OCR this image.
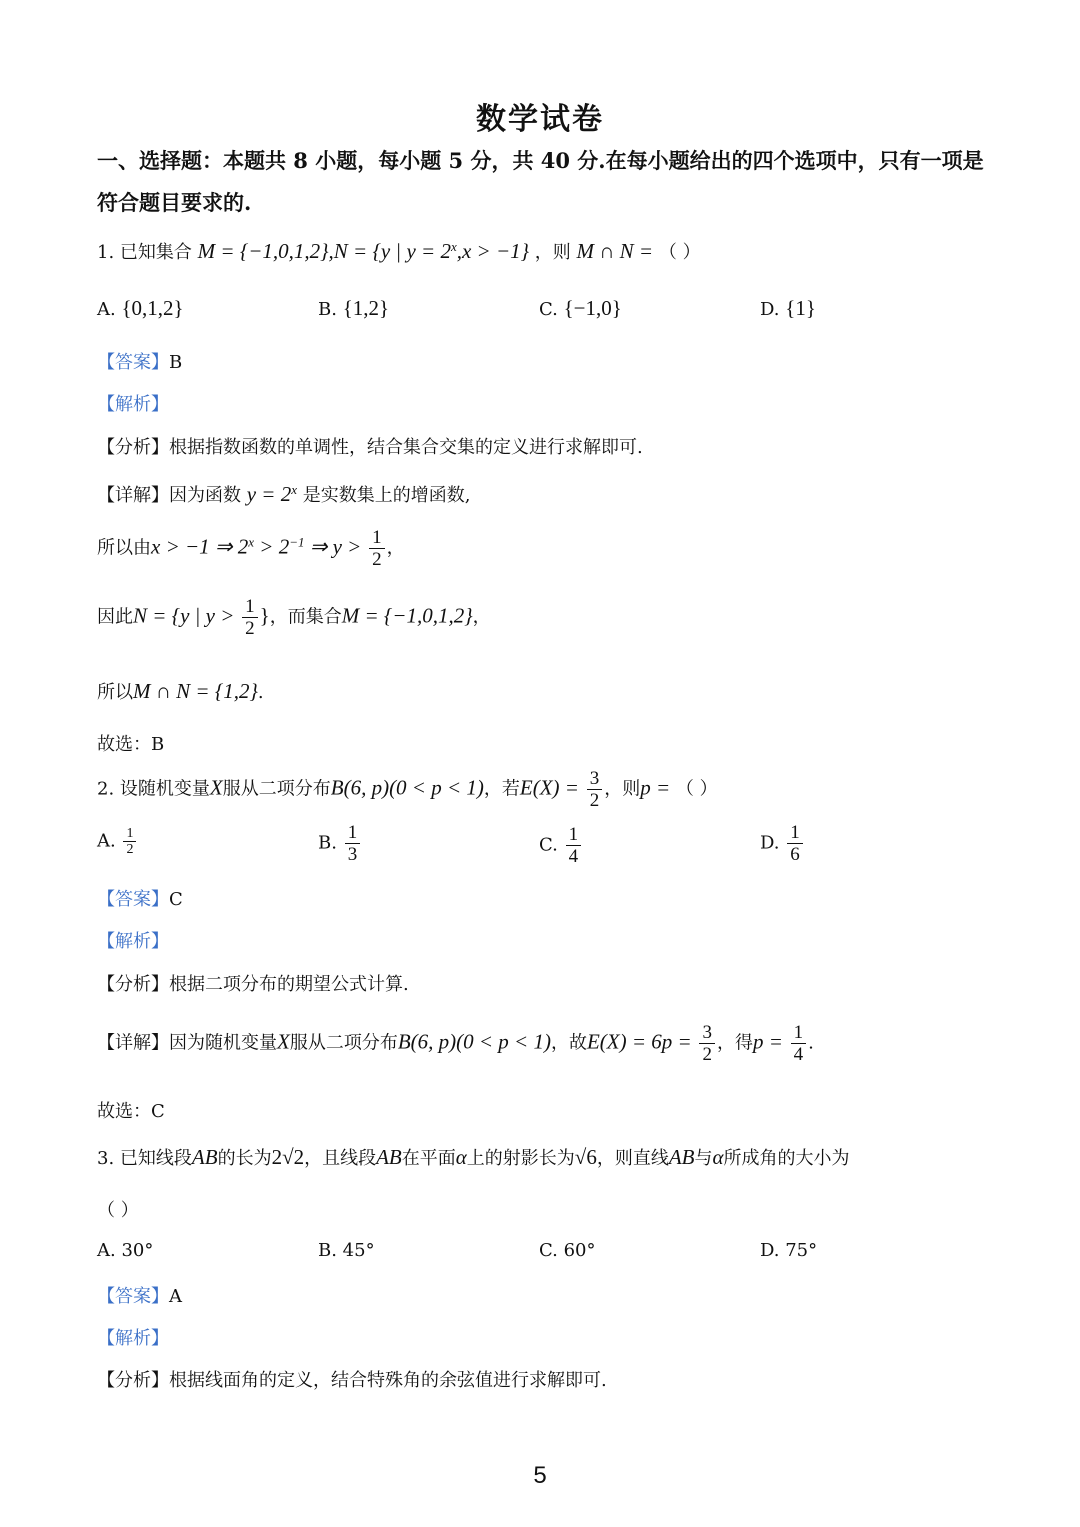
数学试卷
一、选择题：本题共 8 小题，每小题 5 分，共 40 分.在每小题给出的四个选项中，只有一项是
符合题目要求的.
1. 已知集合 M = {−1,0,1,2},N = {y | $y = 2^x,x > -1$} ，则 M ∩ N = （ ）
A. {0,1,2}	B. {1,2}	C. {−1,0}	D. {1}
【答案】B
【解析】
【分析】根据指数函数的单调性，结合集合交集的定义进行求解即可.
【详解】因为函数 $y = 2^x$ 是实数集上的增函数,
所以由x > −1 ⇒ $2^x > 2^{-1}$ ⇒ $y > \frac{1}{2}$ ，
因此N = {y | $y > \frac{1}{2}$ }，而集合M = {−1,0,1,2}，
所以M ∩ N = {1,2}.
故选：B
2. 设随机变量X服从二项分布B(6, p)(0 < p < 1)，若$E(X) = \frac{3}{2}$ ，则p = （ ）
A. $\frac{1}{2}$	B. $\frac{1}{3}$	C. $\frac{1}{4}$	D. $\frac{1}{6}$
【答案】C
【解析】
【分析】根据二项分布的期望公式计算.
【详解】因为随机变量X服从二项分布B(6, p)(0 < p < 1)，故$E(X) = 6p = \frac{3}{2}$ ，得$p = \frac{1}{4}$ .
故选：C
3. 已知线段AB的长为2√2，且线段AB在平面α上的射影长为√6，则直线AB与α所成角的大小为
（ ）
A. 30°	B. 45°	C. 60°	D. 75°
【答案】A
【解析】
【分析】根据线面角的定义，结合特殊角的余弦值进行求解即可.
5
